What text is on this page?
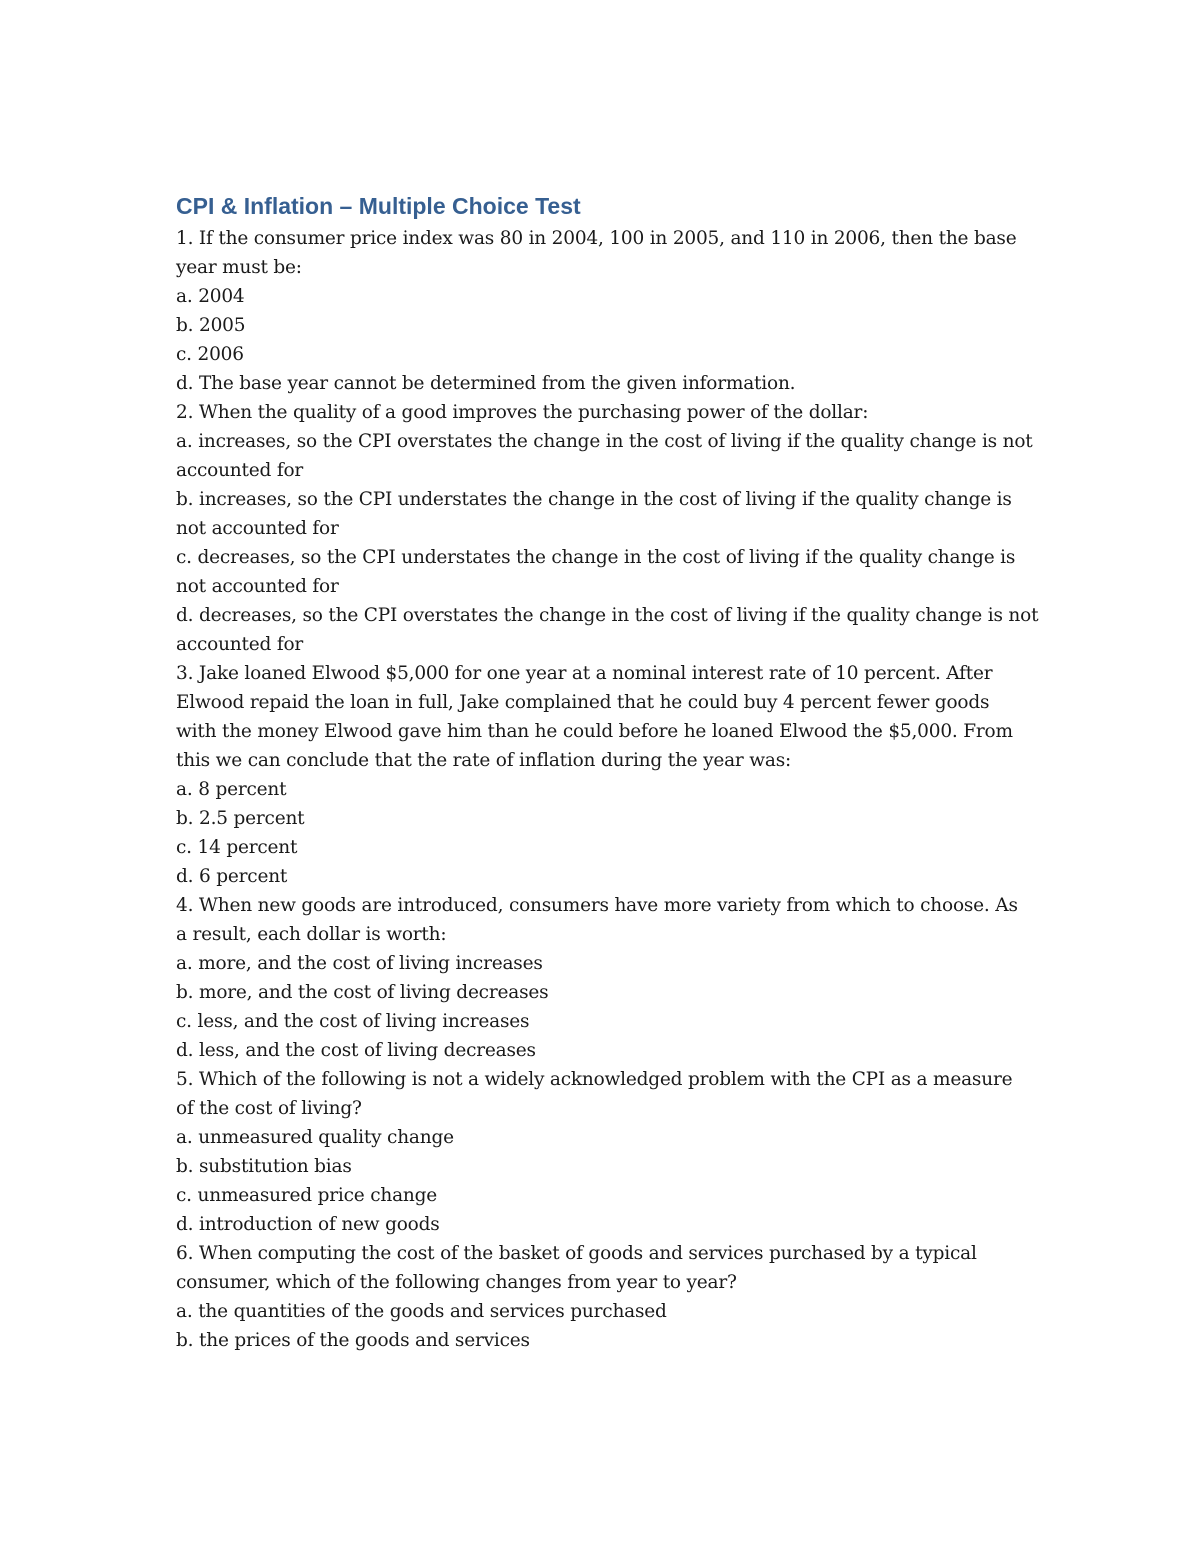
CPI & Inflation – Multiple Choice Test
1. If the consumer price index was 80 in 2004, 100 in 2005, and 110 in 2006, then the base
year must be:
a. 2004
b. 2005
c. 2006
d. The base year cannot be determined from the given information.
2. When the quality of a good improves the purchasing power of the dollar:
a. increases, so the CPI overstates the change in the cost of living if the quality change is not
accounted for
b. increases, so the CPI understates the change in the cost of living if the quality change is
not accounted for
c. decreases, so the CPI understates the change in the cost of living if the quality change is
not accounted for
d. decreases, so the CPI overstates the change in the cost of living if the quality change is not
accounted for
3. Jake loaned Elwood $5,000 for one year at a nominal interest rate of 10 percent. After
Elwood repaid the loan in full, Jake complained that he could buy 4 percent fewer goods
with the money Elwood gave him than he could before he loaned Elwood the $5,000. From
this we can conclude that the rate of inflation during the year was:
a. 8 percent
b. 2.5 percent
c. 14 percent
d. 6 percent
4. When new goods are introduced, consumers have more variety from which to choose. As
a result, each dollar is worth:
a. more, and the cost of living increases
b. more, and the cost of living decreases
c. less, and the cost of living increases
d. less, and the cost of living decreases
5. Which of the following is not a widely acknowledged problem with the CPI as a measure
of the cost of living?
a. unmeasured quality change
b. substitution bias
c. unmeasured price change
d. introduction of new goods
6. When computing the cost of the basket of goods and services purchased by a typical
consumer, which of the following changes from year to year?
a. the quantities of the goods and services purchased
b. the prices of the goods and services
